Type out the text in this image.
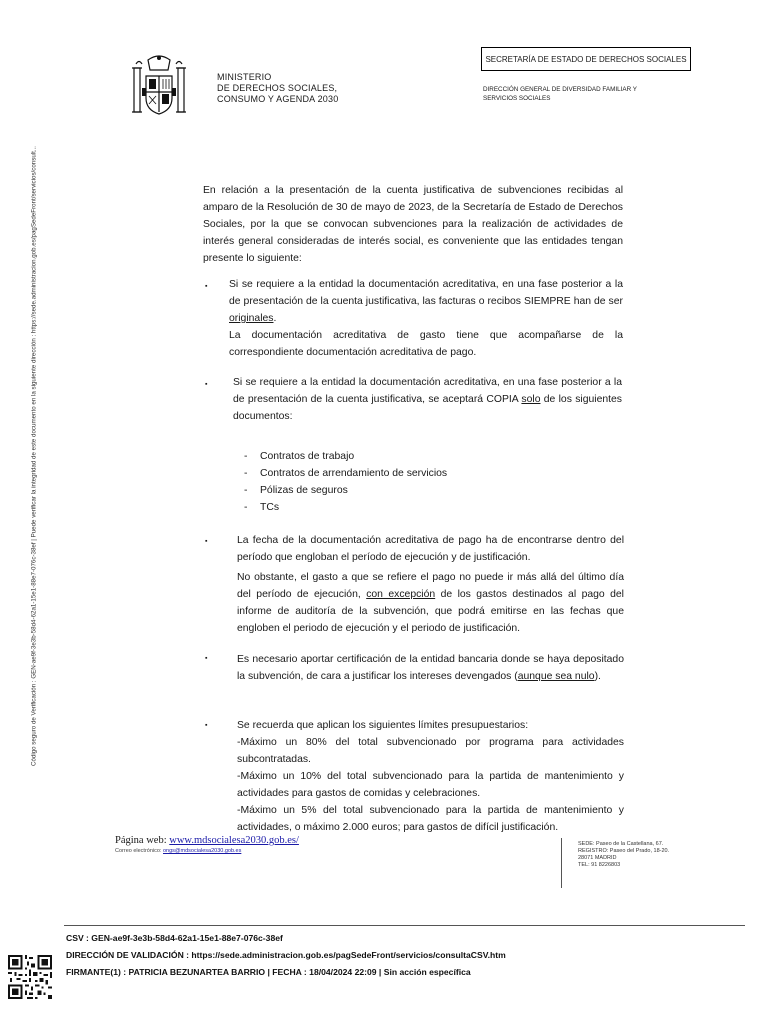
Código seguro de Verificación : GEN-ae9f-3e3b-58d4-62a1-15e1-88e7-076c-38ef | Puede verificar la integridad de este documento en la siguiente dirección : https://sede.administracion.gob.es/pagSedeFront/servicios/consult...
MINISTERIO
DE DERECHOS SOCIALES,
CONSUMO Y AGENDA 2030
SECRETARÍA DE ESTADO DE DERECHOS SOCIALES
DIRECCIÓN GENERAL DE DIVERSIDAD FAMILIAR Y
SERVICIOS SOCIALES
En relación a la presentación de la cuenta justificativa de subvenciones recibidas al amparo de la Resolución de 30 de mayo de 2023, de la Secretaría de Estado de Derechos Sociales, por la que se convocan subvenciones para la realización de actividades de interés general consideradas de interés social, es conveniente que las entidades tengan presente lo siguiente:
▪ Si se requiere a la entidad la documentación acreditativa, en una fase posterior a la de presentación de la cuenta justificativa, las facturas o recibos SIEMPRE han de ser originales.
La documentación acreditativa de gasto tiene que acompañarse de la correspondiente documentación acreditativa de pago.
▪ Si se requiere a la entidad la documentación acreditativa, en una fase posterior a la de presentación de la cuenta justificativa, se aceptará COPIA solo de los siguientes documentos:
- Contratos de trabajo
- Contratos de arrendamiento de servicios
- Pólizas de seguros
- TCs
▪	La fecha de la documentación acreditativa de pago ha de encontrarse dentro del período que engloban el período de ejecución y de justificación.
No obstante, el gasto a que se refiere el pago no puede ir más allá del último día del período de ejecución, con excepción de los gastos destinados al pago del informe de auditoría de la subvención, que podrá emitirse en las fechas que engloben el periodo de ejecución y el periodo de justificación.
▪	Es necesario aportar certificación de la entidad bancaria donde se haya depositado la subvención, de cara a justificar los intereses devengados (aunque sea nulo).
▪	Se recuerda que aplican los siguientes límites presupuestarios:
-Máximo un 80% del total subvencionado por programa para actividades subcontratadas.
-Máximo un 10% del total subvencionado para la partida de mantenimiento y actividades para gastos de comidas y celebraciones.
-Máximo un 5% del total subvencionado para la partida de mantenimiento y actividades, o máximo 2.000 euros; para gastos de difícil justificación.
Página web: www.mdsocialesa2030.gob.es/
Correo electrónico: ongs@mdsocialesa2030.gob.es
SEDE: Paseo de la Castellana, 67.
REGISTRO: Paseo del Prado, 18-20.
28071 MADRID
TEL: 91 8226803
CSV : GEN-ae9f-3e3b-58d4-62a1-15e1-88e7-076c-38ef
DIRECCIÓN DE VALIDACIÓN : https://sede.administracion.gob.es/pagSedeFront/servicios/consultaCSV.htm
FIRMANTE(1) : PATRICIA BEZUNARTEA BARRIO | FECHA : 18/04/2024 22:09 | Sin acción específica
